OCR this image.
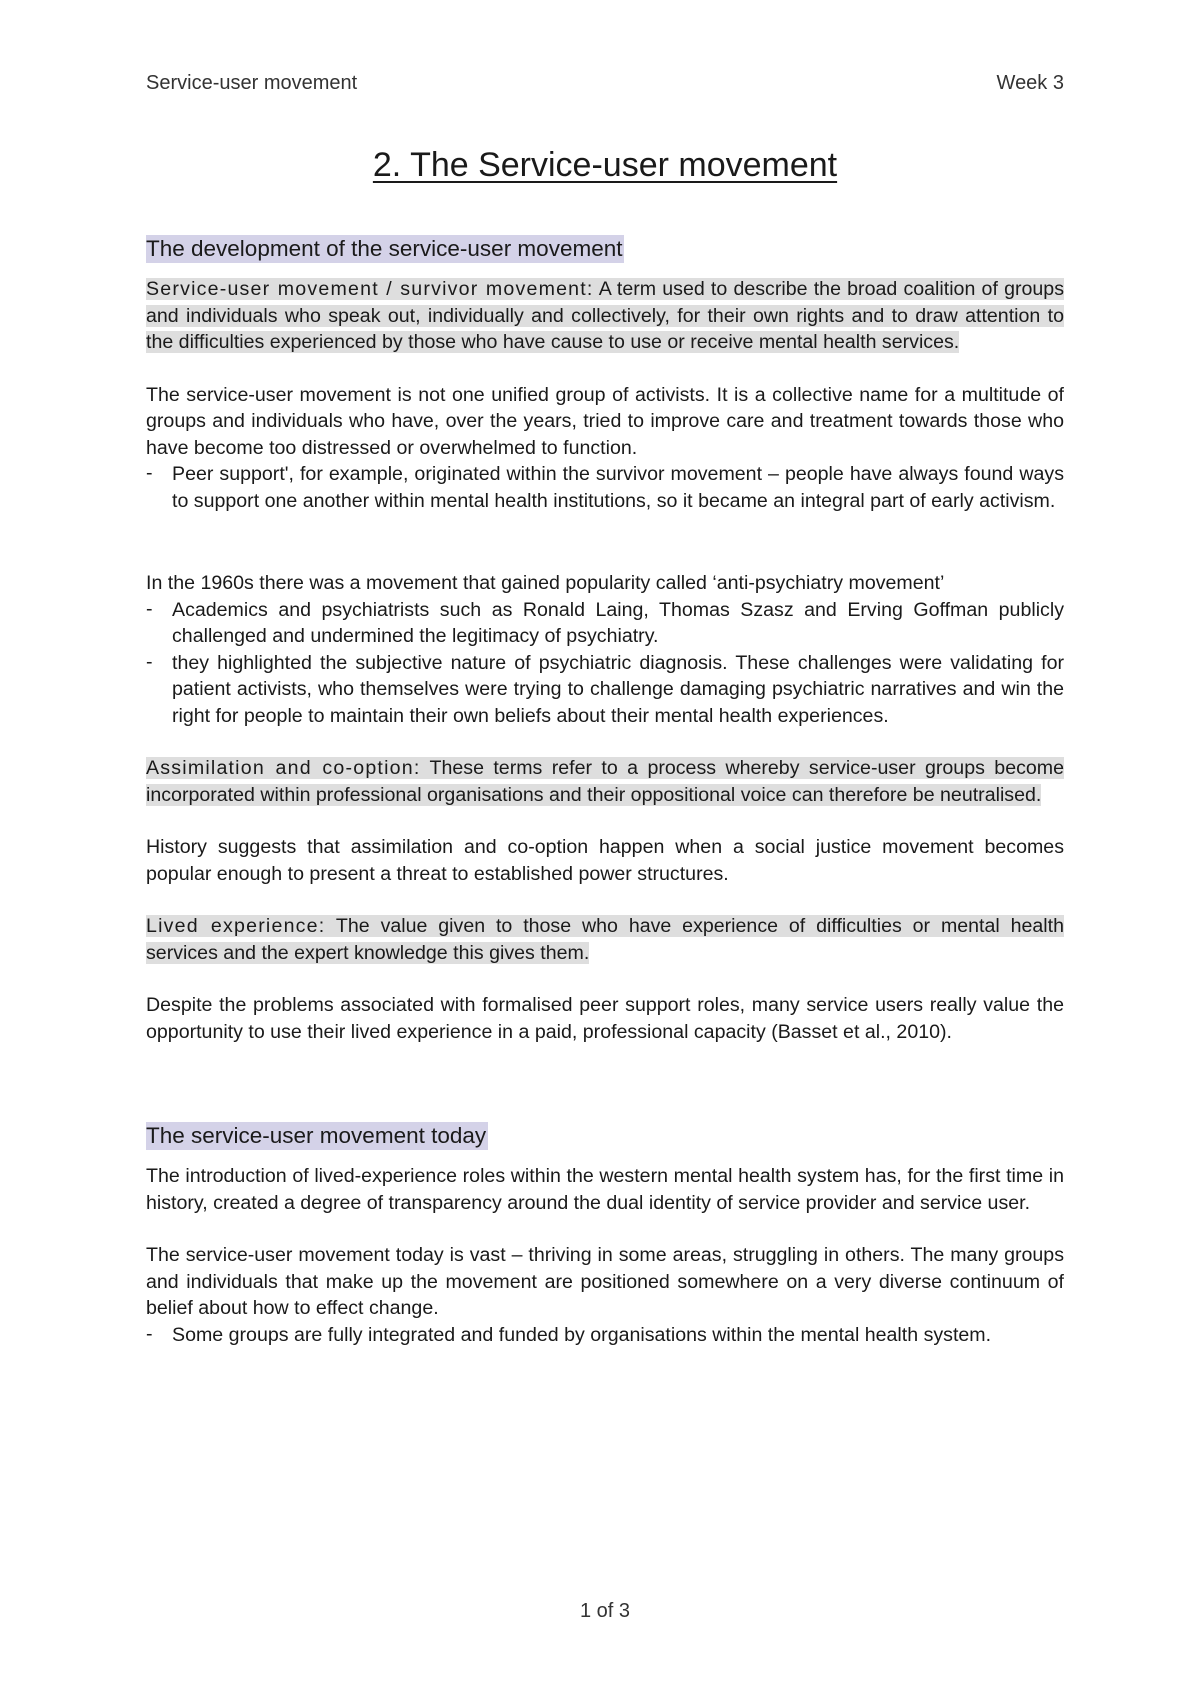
Service-user movement	Week 3
2. The Service-user movement
The development of the service-user movement

Service-user movement / survivor movement: A term used to describe the broad coalition of groups and individuals who speak out, individually and collectively, for their own rights and to draw attention to the difficulties experienced by those who have cause to use or receive mental health services.

The service-user movement is not one unified group of activists. It is a collective name for a multitude of groups and individuals who have, over the years, tried to improve care and treatment towards those who have become too distressed or overwhelmed to function.

- Peer support', for example, originated within the survivor movement – people have always found ways to support one another within mental health institutions, so it became an integral part of early activism.

In the 1960s there was a movement that gained popularity called ‘anti-psychiatry movement’

- Academics and psychiatrists such as Ronald Laing, Thomas Szasz and Erving Goffman publicly challenged and undermined the legitimacy of psychiatry.
- they highlighted the subjective nature of psychiatric diagnosis. These challenges were validating for patient activists, who themselves were trying to challenge damaging psychiatric narratives and win the right for people to maintain their own beliefs about their mental health experiences.

Assimilation and co-option: These terms refer to a process whereby service-user groups become incorporated within professional organisations and their oppositional voice can therefore be neutralised.

History suggests that assimilation and co-option happen when a social justice movement becomes popular enough to present a threat to established power structures.

Lived experience: The value given to those who have experience of difficulties or mental health services and the expert knowledge this gives them.

Despite the problems associated with formalised peer support roles, many service users really value the opportunity to use their lived experience in a paid, professional capacity (Basset et al., 2010).

The service-user movement today

The introduction of lived-experience roles within the western mental health system has, for the first time in history, created a degree of transparency around the dual identity of service provider and service user.

The service-user movement today is vast – thriving in some areas, struggling in others. The many groups and individuals that make up the movement are positioned somewhere on a very diverse continuum of belief about how to effect change.

- Some groups are fully integrated and funded by organisations within the mental health system.
1 of 3
